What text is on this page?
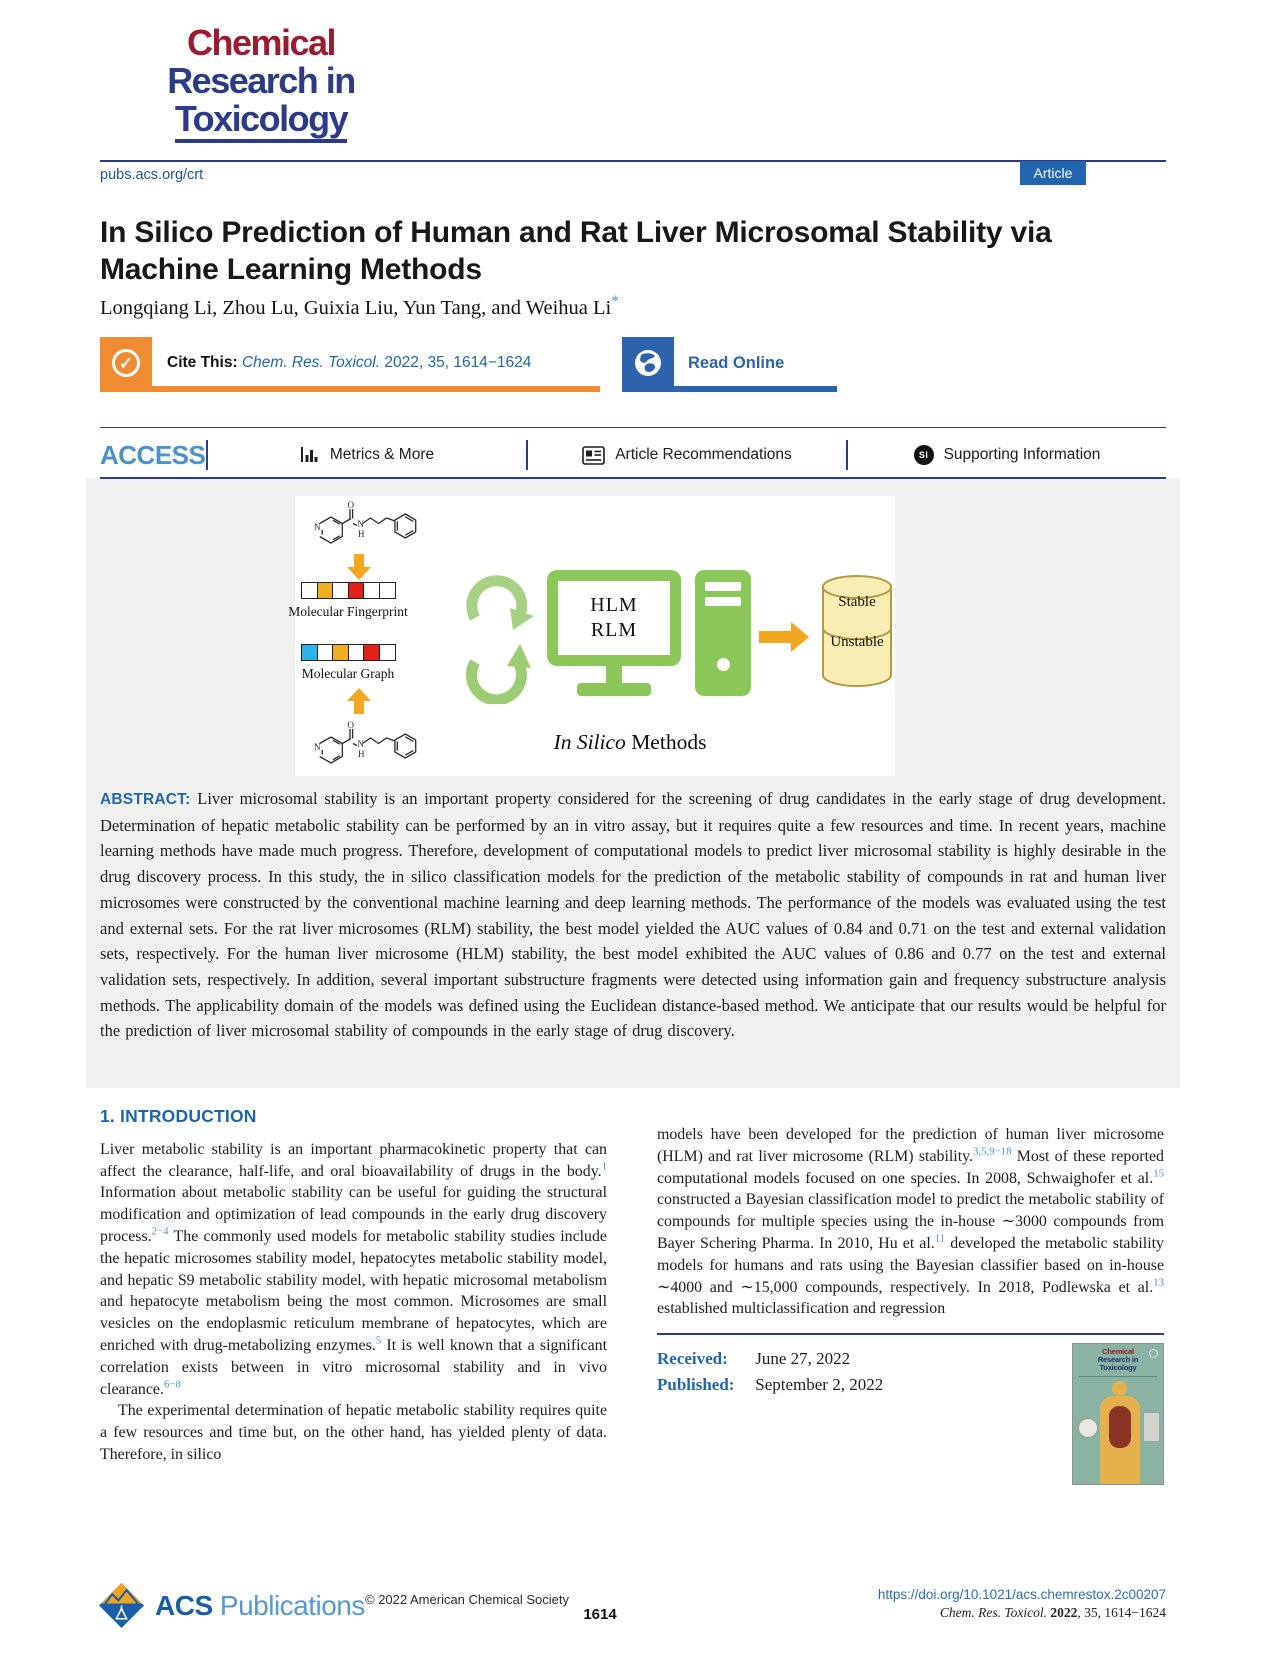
Chemical
Research in
Toxicology
pubs.acs.org/crt	Article
In Silico Prediction of Human and Rat Liver Microsomal Stability via
Machine Learning Methods
Longqiang Li, Zhou Lu, Guixia Liu, Yun Tang, and Weihua Li*
✓	Cite This: Chem. Res. Toxicol. 2022, 35, 1614−1624	Read Online
ACCESS	Metrics & More	Article Recommendations	SI Supporting Information
N
O
N
H
Molecular Fingerprint
Molecular Graph
N
O
N
H
HLM
RLM
Stable
Unstable
In Silico Methods

ABSTRACT: Liver microsomal stability is an important property considered for the screening of drug candidates in the early stage of drug development. Determination of hepatic metabolic stability can be performed by an in vitro assay, but it requires quite a few resources and time. In recent years, machine learning methods have made much progress. Therefore, development of computational models to predict liver microsomal stability is highly desirable in the drug discovery process. In this study, the in silico classification models for the prediction of the metabolic stability of compounds in rat and human liver microsomes were constructed by the conventional machine learning and deep learning methods. The performance of the models was evaluated using the test and external sets. For the rat liver microsomes (RLM) stability, the best model yielded the AUC values of 0.84 and 0.71 on the test and external validation sets, respectively. For the human liver microsome (HLM) stability, the best model exhibited the AUC values of 0.86 and 0.77 on the test and external validation sets, respectively. In addition, several important substructure fragments were detected using information gain and frequency substructure analysis methods. The applicability domain of the models was defined using the Euclidean distance-based method. We anticipate that our results would be helpful for the prediction of liver microsomal stability of compounds in the early stage of drug discovery.

1. INTRODUCTION

Liver metabolic stability is an important pharmacokinetic property that can affect the clearance, half-life, and oral bioavailability of drugs in the body.$^1$ Information about metabolic stability can be useful for guiding the structural modification and optimization of lead compounds in the early drug discovery process.$^{2-4}$ The commonly used models for metabolic stability studies include the hepatic microsomes stability model, hepatocytes metabolic stability model, and hepatic S9 metabolic stability model, with hepatic microsomal metabolism and hepatocyte metabolism being the most common. Microsomes are small vesicles on the endoplasmic reticulum membrane of hepatocytes, which are enriched with drug-metabolizing enzymes.$^5$ It is well known that a significant correlation exists between in vitro microsomal stability and in vivo clearance.$^{6-8}$

The experimental determination of hepatic metabolic stability requires quite a few resources and time but, on the other hand, has yielded plenty of data. Therefore, in silico

models have been developed for the prediction of human liver microsome (HLM) and rat liver microsome (RLM) stability.$^{3,5,9-18}$ Most of these reported computational models focused on one species. In 2008, Schwaighofer et al.$^{15}$ constructed a Bayesian classification model to predict the metabolic stability of compounds for multiple species using the in-house ∼3000 compounds from Bayer Schering Pharma. In 2010, Hu et al.$^{11}$ developed the metabolic stability models for humans and rats using the Bayesian classifier based on in-house ∼4000 and ∼15,000 compounds, respectively. In 2018, Podlewska et al.$^{13}$ established multiclassification and regression

Received: June 27, 2022
Published: September 2, 2022
Chemical
Research in
Toxicology
ACS Publications © 2022 American Chemical Society
1614
https://doi.org/10.1021/acs.chemrestox.2c00207
Chem. Res. Toxicol. 2022, 35, 1614−1624
